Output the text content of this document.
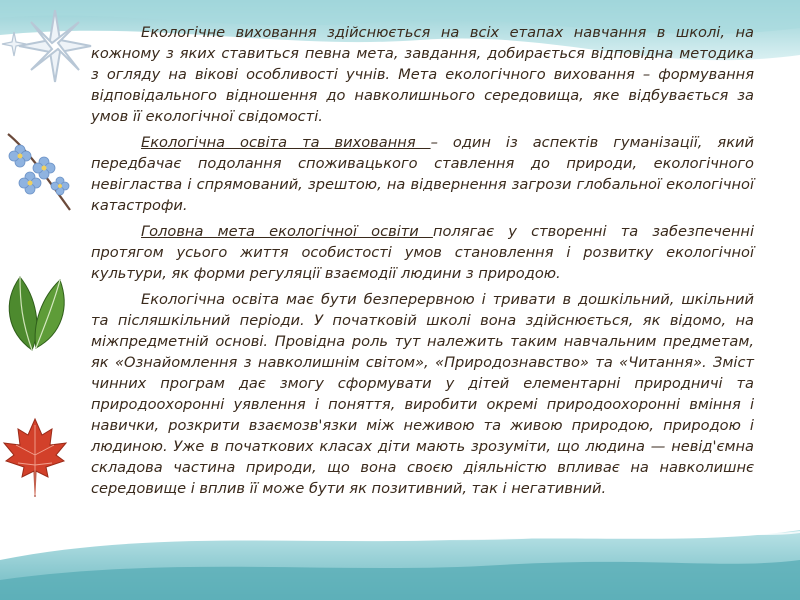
Екологічне виховання здійснюється на всіх етапах навчання в школі, на кожному з яких ставиться певна мета, завдання, добирається відповідна методика з огляду на вікові особливості учнів. Мета екологічного виховання – формування відповідального відношення до навколишнього середовища, яке відбувається за умов її екологічної свідомості.

Екологічна освіта та виховання – один із аспектів гуманізації, який передбачає подолання споживацького ставлення до природи, екологічного невігластва і спрямований, зрештою, на відвернення загрози глобальної екологічної катастрофи.

Головна мета екологічної освіти полягає у створенні та забезпеченні протягом усього життя особистості умов становлення і розвитку екологічної культури, як форми регуляції взаємодії людини з природою.

Екологічна освіта має бути безперервною і тривати в дошкільний, шкільний та післяшкільний періоди. У початковій школі вона здійснюється, як відомо, на міжпредметній основі. Провідна роль тут належить таким навчальним предметам, як «Ознайомлення з навколишнім світом», «Природознавство» та «Читання». Зміст чинних програм дає змогу сформувати у дітей елементарні природничі та природоохоронні уявлення і поняття, виробити окремі природоохоронні вміння і навички, розкрити взаємозв'язки між неживою та живою природою, природою і людиною. Уже в початкових класах діти мають зрозуміти, що людина — невід'ємна складова частина природи, що вона своєю діяльністю впливає на навколишнє середовище і вплив її може бути як позитивний, так і негативний.
